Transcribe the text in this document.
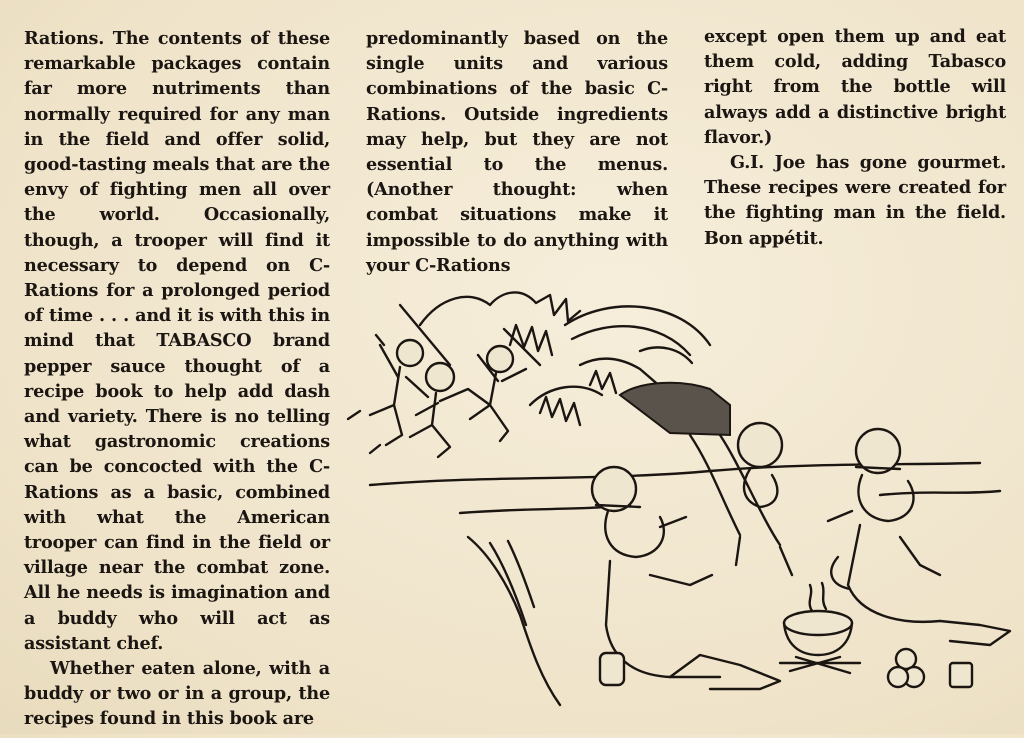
Rations. The contents of these remarkable packages contain far more nutriments than normally required for any man in the field and offer solid, good-tasting meals that are the envy of fighting men all over the world. Occasionally, though, a trooper will find it necessary to depend on C-Rations for a prolonged period of time . . . and it is with this in mind that TABASCO brand pepper sauce thought of a recipe book to help add dash and variety. There is no telling what gastronomic creations can be concocted with the C-Rations as a basic, combined with what the American trooper can find in the field or village near the combat zone. All he needs is imagination and a buddy who will act as assistant chef.

Whether eaten alone, with a buddy or two or in a group, the recipes found in this book are

predominantly based on the single units and various combinations of the basic C-Rations. Outside ingredients may help, but they are not essential to the menus. (Another thought: when combat situations make it impossible to do anything with your C-Rations

except open them up and eat them cold, adding Tabasco right from the bottle will always add a distinctive bright flavor.)

G.I. Joe has gone gourmet. These recipes were created for the fighting man in the field. Bon appétit.
